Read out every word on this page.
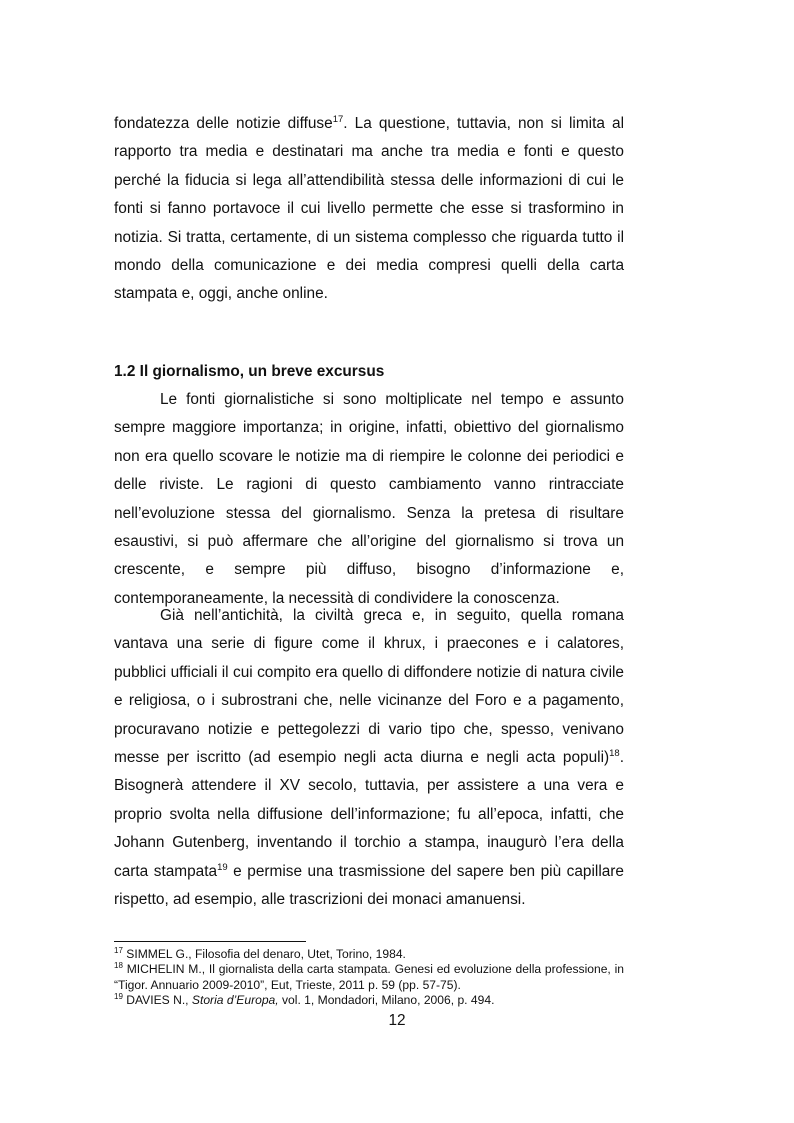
fondatezza delle notizie diffuse$^{17}$. La questione, tuttavia, non si limita al rapporto tra media e destinatari ma anche tra media e fonti e questo perché la fiducia si lega all’attendibilità stessa delle informazioni di cui le fonti si fanno portavoce il cui livello permette che esse si trasformino in notizia. Si tratta, certamente, di un sistema complesso che riguarda tutto il mondo della comunicazione e dei media compresi quelli della carta stampata e, oggi, anche online.

1.2 Il giornalismo, un breve excursus

Le fonti giornalistiche si sono moltiplicate nel tempo e assunto sempre maggiore importanza; in origine, infatti, obiettivo del giornalismo non era quello scovare le notizie ma di riempire le colonne dei periodici e delle riviste. Le ragioni di questo cambiamento vanno rintracciate nell’evoluzione stessa del giornalismo. Senza la pretesa di risultare esaustivi, si può affermare che all’origine del giornalismo si trova un crescente, e sempre più diffuso, bisogno d’informazione e, contemporaneamente, la necessità di condividere la conoscenza.

Già nell’antichità, la civiltà greca e, in seguito, quella romana vantava una serie di figure come il khrux, i praecones e i calatores, pubblici ufficiali il cui compito era quello di diffondere notizie di natura civile e religiosa, o i subrostrani che, nelle vicinanze del Foro e a pagamento, procuravano notizie e pettegolezzi di vario tipo che, spesso, venivano messe per iscritto (ad esempio negli acta diurna e negli acta populi)$^{18}$. Bisognerà attendere il XV secolo, tuttavia, per assistere a una vera e proprio svolta nella diffusione dell’informazione; fu all’epoca, infatti, che Johann Gutenberg, inventando il torchio a stampa, inaugurò l’era della carta stampata$^{19}$ e permise una trasmissione del sapere ben più capillare rispetto, ad esempio, alle trascrizioni dei monaci amanuensi.

$^{17}$ SIMMEL G., Filosofia del denaro, Utet, Torino, 1984.

$^{18}$ MICHELIN M., Il giornalista della carta stampata. Genesi ed evoluzione della professione, in “Tigor. Annuario 2009-2010”, Eut, Trieste, 2011 p. 59 (pp. 57-75).

$^{19}$ DAVIES N., Storia d’Europa, vol. 1, Mondadori, Milano, 2006, p. 494.

12
